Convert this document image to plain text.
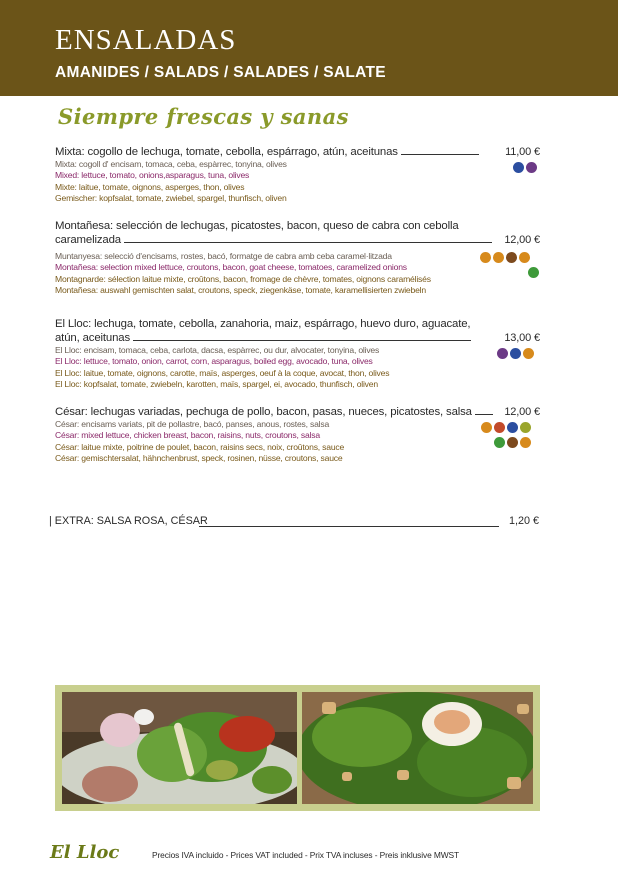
ENSALADAS
AMANIDES / SALADS / SALADES / SALATE
Siempre frescas y sanas
Mixta: cogollo de lechuga, tomate, cebolla, espárrago, atún, aceitunas	11,00 €
Mixta: cogoll d' encisam, tomaca, ceba, espàrrec, tonyina, olives
Mixed: lettuce, tomato, onions,asparagus, tuna, olives
Mixte: laitue, tomate, oignons, asperges, thon, olives
Gemischer: kopfsalat, tomate, zwiebel, spargel, thunfisch, oliven
Montañesa: selección de lechugas, picatostes, bacon, queso de cabra con cebolla
caramelizada	12,00 €
Muntanyesa: selecció d'encisams, rostes, bacó, formatge de cabra amb ceba caramel·litzada
Montañesa: selection mixed lettuce, croutons, bacon, goat cheese, tomatoes, caramelized onions
Montagnarde: sélection laitue mixte, croûtons, bacon, fromage de chèvre, tomates, oignons caramélisés
Montañesa: auswahl gemischten salat, croutons, speck, ziegenkäse, tomate, karamellisierten zwiebeln
El Lloc: lechuga, tomate, cebolla, zanahoria, maiz, espárrago, huevo duro, aguacate,
atún, aceitunas	13,00 €
El Lloc: encisam, tomaca, ceba, carlota, dacsa, espàrrec, ou dur, alvocater, tonyina, olives
El Lloc: lettuce, tomato, onion, carrot, corn, asparagus, boiled egg, avocado, tuna, olives
El Lloc: laitue, tomate, oignons, carotte, maïs, asperges, oeuf à la coque, avocat, thon, olives
El Lloc: kopfsalat, tomate, zwiebeln, karotten, maïs, spargel, ei, avocado, thunfisch, oliven
César: lechugas variadas, pechuga de pollo, bacon, pasas, nueces, picatostes, salsa	12,00 €
César: encisams variats, pit de pollastre, bacó, panses, anous, rostes, salsa
César: mixed lettuce, chicken breast, bacon, raisins, nuts, croutons, salsa
César: laitue mixte, poitrine de poulet, bacon, raisins secs, noix, croûtons, sauce
César: gemischtersalat, hähnchenbrust, speck, rosinen, nüsse, croutons, sauce
| EXTRA: SALSA ROSA, CÉSAR	1,20 €
El Lloc	Precios IVA incluido - Prices VAT included - Prix TVA incluses - Preis inklusive MWST
